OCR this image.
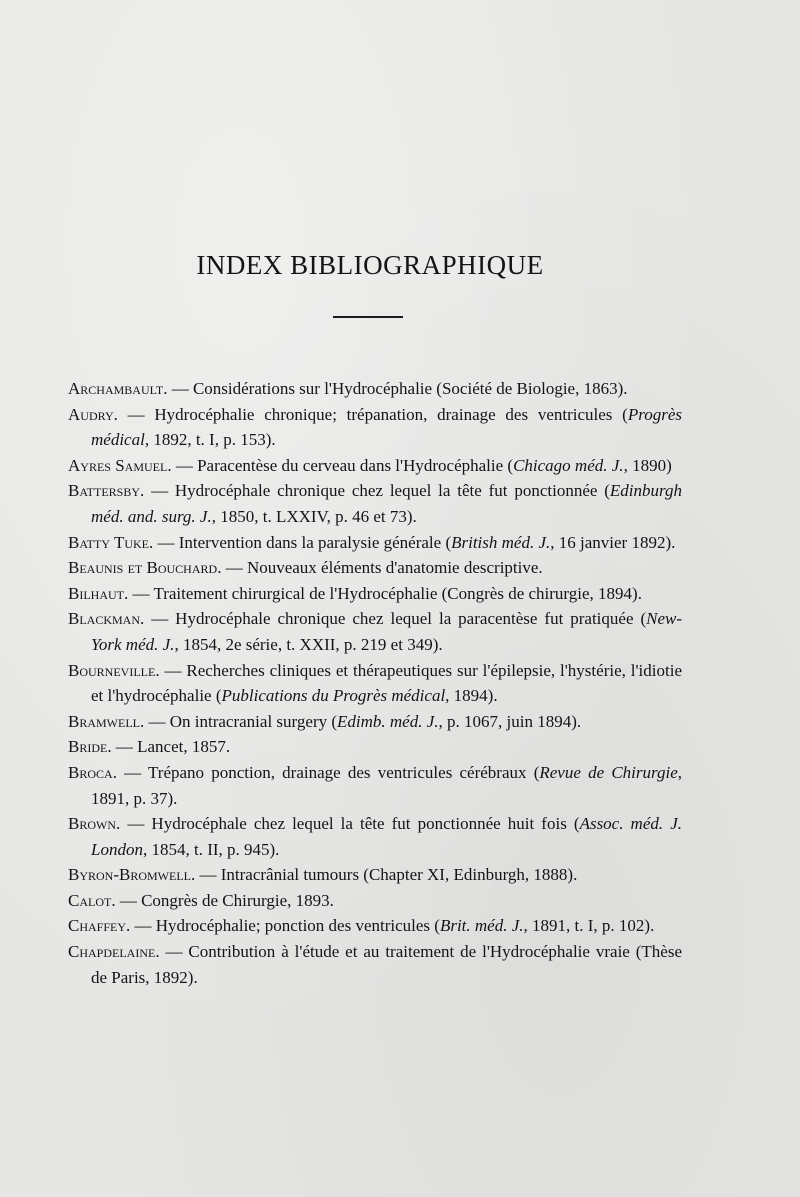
INDEX BIBLIOGRAPHIQUE

Archambault. — Considérations sur l'Hydrocéphalie (Société de Biologie, 1863).

Audry. — Hydrocéphalie chronique; trépanation, drainage des ventricules (Progrès médical, 1892, t. I, p. 153).

Ayres Samuel. — Paracentèse du cerveau dans l'Hydrocéphalie (Chicago méd. J., 1890)

Battersby. — Hydrocéphale chronique chez lequel la tête fut ponctionnée (Edinburgh méd. and. surg. J., 1850, t. LXXIV, p. 46 et 73).

Batty Tuke. — Intervention dans la paralysie générale (British méd. J., 16 janvier 1892).

Beaunis et Bouchard. — Nouveaux éléments d'anatomie descriptive.

Bilhaut. — Traitement chirurgical de l'Hydrocéphalie (Congrès de chirurgie, 1894).

Blackman. — Hydrocéphale chronique chez lequel la paracentèse fut pratiquée (New-York méd. J., 1854, 2e série, t. XXII, p. 219 et 349).

Bourneville. — Recherches cliniques et thérapeutiques sur l'épilepsie, l'hystérie, l'idiotie et l'hydrocéphalie (Publications du Progrès médical, 1894).

Bramwell. — On intracranial surgery (Edimb. méd. J., p. 1067, juin 1894).

Bride. — Lancet, 1857.

Broca. — Trépano ponction, drainage des ventricules cérébraux (Revue de Chirurgie, 1891, p. 37).

Brown. — Hydrocéphale chez lequel la tête fut ponctionnée huit fois (Assoc. méd. J. London, 1854, t. II, p. 945).

Byron-Bromwell. — Intracrânial tumours (Chapter XI, Edinburgh, 1888).

Calot. — Congrès de Chirurgie, 1893.

Chaffey. — Hydrocéphalie; ponction des ventricules (Brit. méd. J., 1891, t. I, p. 102).

Chapdelaine. — Contribution à l'étude et au traitement de l'Hydrocéphalie vraie (Thèse de Paris, 1892).
